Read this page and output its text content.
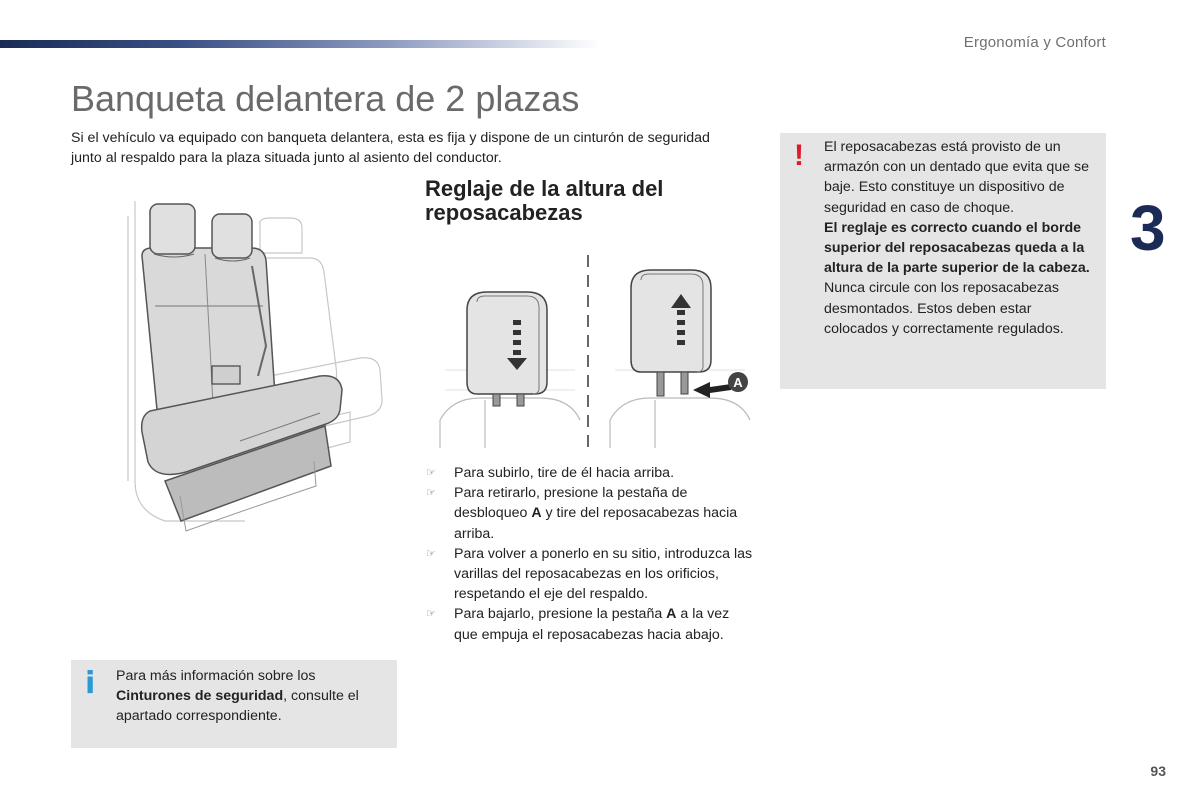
Ergonomía y Confort
Banqueta delantera de 2 plazas

Si el vehículo va equipado con banqueta delantera, esta es fija y dispone de un cinturón de seguridad junto al respaldo para la plaza situada junto al asiento del conductor.

3
A
Reglaje de la altura del reposacabezas
☞ Para subirlo, tire de él hacia arriba.
☞ Para retirarlo, presione la pestaña de desbloqueo A y tire del reposacabezas hacia arriba.
☞ Para volver a ponerlo en su sitio, introduzca las varillas del reposacabezas en los orificios, respetando el eje del respaldo.
☞ Para bajarlo, presione la pestaña A a la vez que empuja el reposacabezas hacia abajo.
! El reposacabezas está provisto de un armazón con un dentado que evita que se baje. Esto constituye un dispositivo de seguridad en caso de choque.

El reglaje es correcto cuando el borde superior del reposacabezas queda a la altura de la parte superior de la cabeza.

Nunca circule con los reposacabezas desmontados. Estos deben estar colocados y correctamente regulados.

i Para más información sobre los Cinturones de seguridad, consulte el apartado correspondiente.

93
